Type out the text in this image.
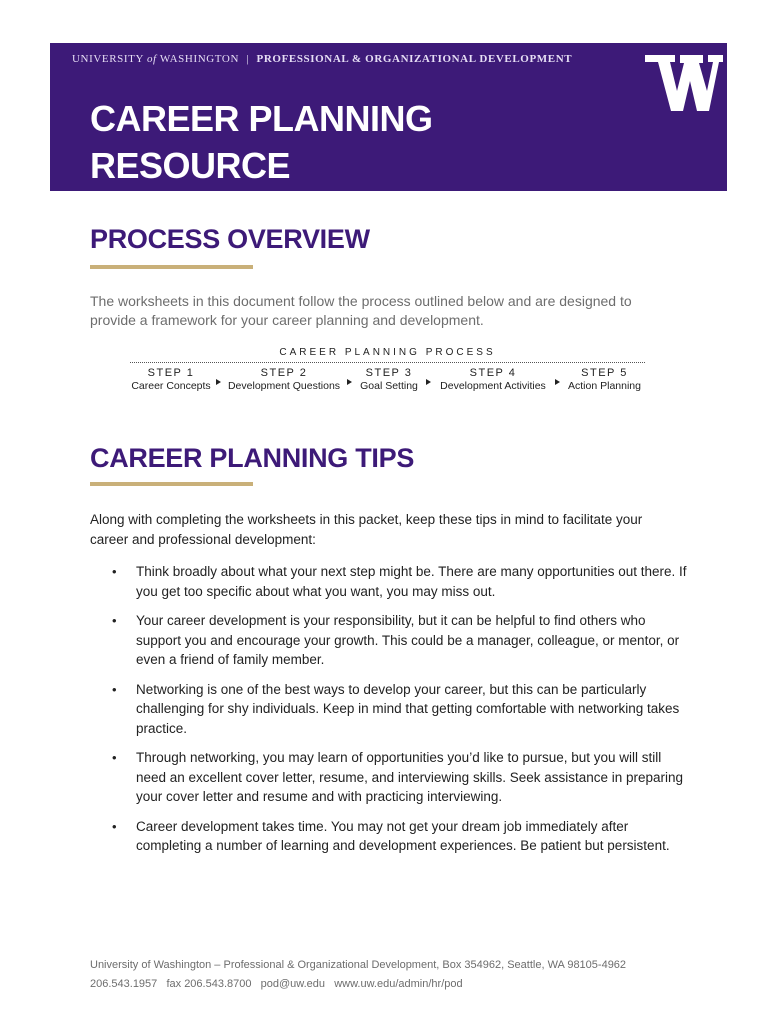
UNIVERSITY of WASHINGTON | PROFESSIONAL & ORGANIZATIONAL DEVELOPMENT
CAREER PLANNING
RESOURCE
PROCESS OVERVIEW
The worksheets in this document follow the process outlined below and are designed to provide a framework for your career planning and development.
CAREER PLANNING PROCESS
STEP 1
Career Concepts
STEP 2
Development Questions
STEP 3
Goal Setting
STEP 4
Development Activities
STEP 5
Action Planning
CAREER PLANNING TIPS
Along with completing the worksheets in this packet, keep these tips in mind to facilitate your career and professional development:
• Think broadly about what your next step might be. There are many opportunities out there. If you get too specific about what you want, you may miss out.
• Your career development is your responsibility, but it can be helpful to find others who support you and encourage your growth. This could be a manager, colleague, or mentor, or even a friend of family member.
• Networking is one of the best ways to develop your career, but this can be particularly challenging for shy individuals. Keep in mind that getting comfortable with networking takes practice.
• Through networking, you may learn of opportunities you’d like to pursue, but you will still need an excellent cover letter, resume, and interviewing skills. Seek assistance in preparing your cover letter and resume and with practicing interviewing.
• Career development takes time. You may not get your dream job immediately after completing a number of learning and development experiences. Be patient but persistent.
University of Washington – Professional & Organizational Development, Box 354962, Seattle, WA 98105-4962
206.543.1957   fax 206.543.8700   pod@uw.edu   www.uw.edu/admin/hr/pod
